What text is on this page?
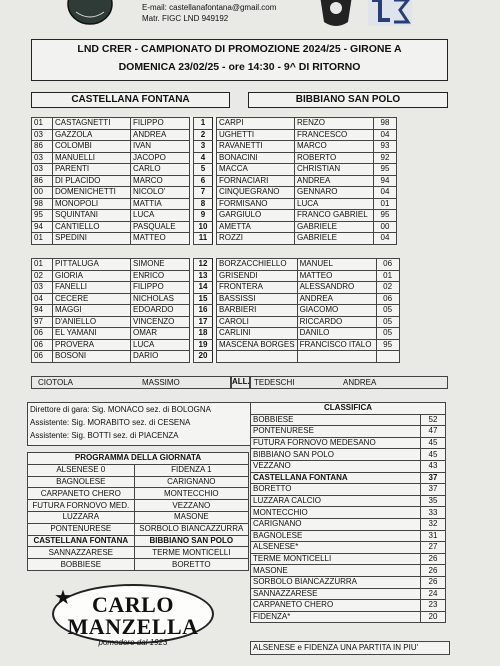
E-mail: castellanafontana@gmail.com
Matr. FIGC LND 949192
LND CRER - CAMPIONATO DI PROMOZIONE 2024/25 - GIRONE A
DOMENICA 23/02/25 - ore 14:30 - 9^ DI RITORNO
CASTELLANA FONTANA	BIBBIANO SAN POLO
01	CASTAGNETTI	FILIPPO		1		CARPI	RENZO	98
03	GAZZOLA	ANDREA		2		UGHETTI	FRANCESCO	04
86	COLOMBI	IVAN		3		RAVANETTI	MARCO	93
03	MANUELLI	JACOPO		4		BONACINI	ROBERTO	92
03	PARENTI	CARLO		5		MACCA	CHRISTIAN	95
86	DI PLACIDO	MARCO		6		FORNACIARI	ANDREA	94
00	DOMENICHETTI	NICOLO'		7		CINQUEGRANO	GENNARO	04
98	MONOPOLI	MATTIA		8		FORMISANO	LUCA	01
95	SQUINTANI	LUCA		9		GARGIULO	FRANCO GABRIEL	95
94	CANTIELLO	PASQUALE		10		AMETTA	GABRIELE	00
01	SPEDINI	MATTEO		11		ROZZI	GABRIELE	04
01	PITTALUGA	SIMONE		12		BORZACCHIELLO	MANUEL	06
02	GIORIA	ENRICO		13		GRISENDI	MATTEO	01
03	FANELLI	FILIPPO		14		FRONTERA	ALESSANDRO	02
04	CECERE	NICHOLAS		15		BASSISSI	ANDREA	06
94	MAGGI	EDOARDO		16		BARBIERI	GIACOMO	05
97	D'ANIELLO	VINCENZO		17		CAROLI	RICCARDO	05
06	EL YAMANI	OMAR		18		CARLINI	DANILO	05
06	PROVERA	LUCA		19		MASCENA BORGES	FRANCISCO ITALO	95
06	BOSONI	DARIO		20				
CIOTOLA	MASSIMO	ALL. TEDESCHI	ANDREA
Direttore di gara: Sig. MONACO sez. di BOLOGNA
Assistente: Sig. MORABITO sez. di CESENA
Assistente: Sig. BOTTI sez. di PIACENZA
PROGRAMMA DELLA GIORNATA	
ALSENESE 0	FIDENZA 1
BAGNOLESE	CARIGNANO
CARPANETO CHERO	MONTECCHIO
FUTURA FORNOVO MED.	VEZZANO
LUZZARA	MASONE
PONTENURESE	SORBOLO BIANCAZZURRA
CASTELLANA FONTANA	BIBBIANO SAN POLO
SANNAZZARESE	TERME MONTICELLI
BOBBIESE	BORETTO
CLASSIFICA	
BOBBIESE	52
PONTENURESE	47
FUTURA FORNOVO MEDESANO	45
BIBBIANO SAN POLO	45
VEZZANO	43
CASTELLANA FONTANA	37
BORETTO	37
LUZZARA CALCIO	35
MONTECCHIO	33
CARIGNANO	32
BAGNOLESE	31
ALSENESE*	27
TERME MONTICELLI	26
MASONE	26
SORBOLO BIANCAZZURRA	26
SANNAZZARESE	24
CARPANETO CHERO	23
FIDENZA*	20
★ CARLO MANZELLA
pomodoro dal 1923
ALSENESE e FIDENZA UNA PARTITA IN PIU'
